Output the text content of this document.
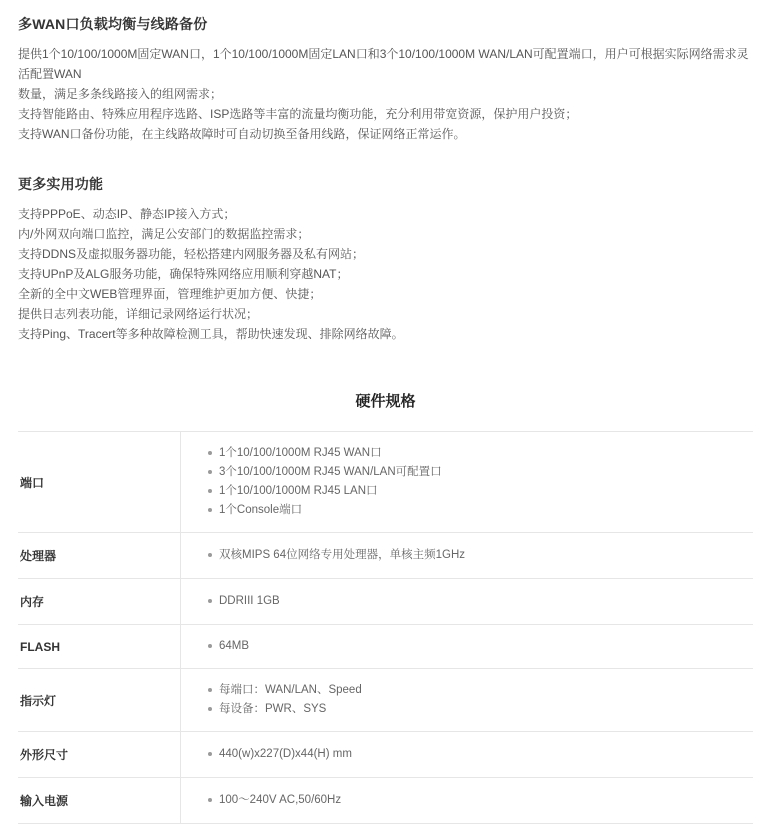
多WAN口负载均衡与线路备份
提供1个10/100/1000M固定WAN口，1个10/100/1000M固定LAN口和3个10/100/1000M WAN/LAN可配置端口，用户可根据实际网络需求灵活配置WAN
数量，满足多条线路接入的组网需求；
支持智能路由、特殊应用程序选路、ISP选路等丰富的流量均衡功能，充分利用带宽资源，保护用户投资；
支持WAN口备份功能，在主线路故障时可自动切换至备用线路，保证网络正常运作。
更多实用功能
支持PPPoE、动态IP、静态IP接入方式；
内/外网双向端口监控，满足公安部门的数据监控需求；
支持DDNS及虚拟服务器功能，轻松搭建内网服务器及私有网站；
支持UPnP及ALG服务功能，确保特殊网络应用顺利穿越NAT；
全新的全中文WEB管理界面，管理维护更加方便、快捷；
提供日志列表功能，详细记录网络运行状况；
支持Ping、Tracert等多种故障检测工具，帮助快速发现、排除网络故障。
硬件规格
端口	
1个10/100/1000M RJ45 WAN口
3个10/100/1000M RJ45 WAN/LAN可配置口
1个10/100/1000M RJ45 LAN口
1个Console端口

处理器	双核MIPS 64位网络专用处理器，单核主频1GHz

内存	DDRIII 1GB

FLASH	64MB

指示灯	
每端口：WAN/LAN、Speed
每设备：PWR、SYS

外形尺寸	440(w)x227(D)x44(H) mm

输入电源	100～240V AC,50/60Hz
